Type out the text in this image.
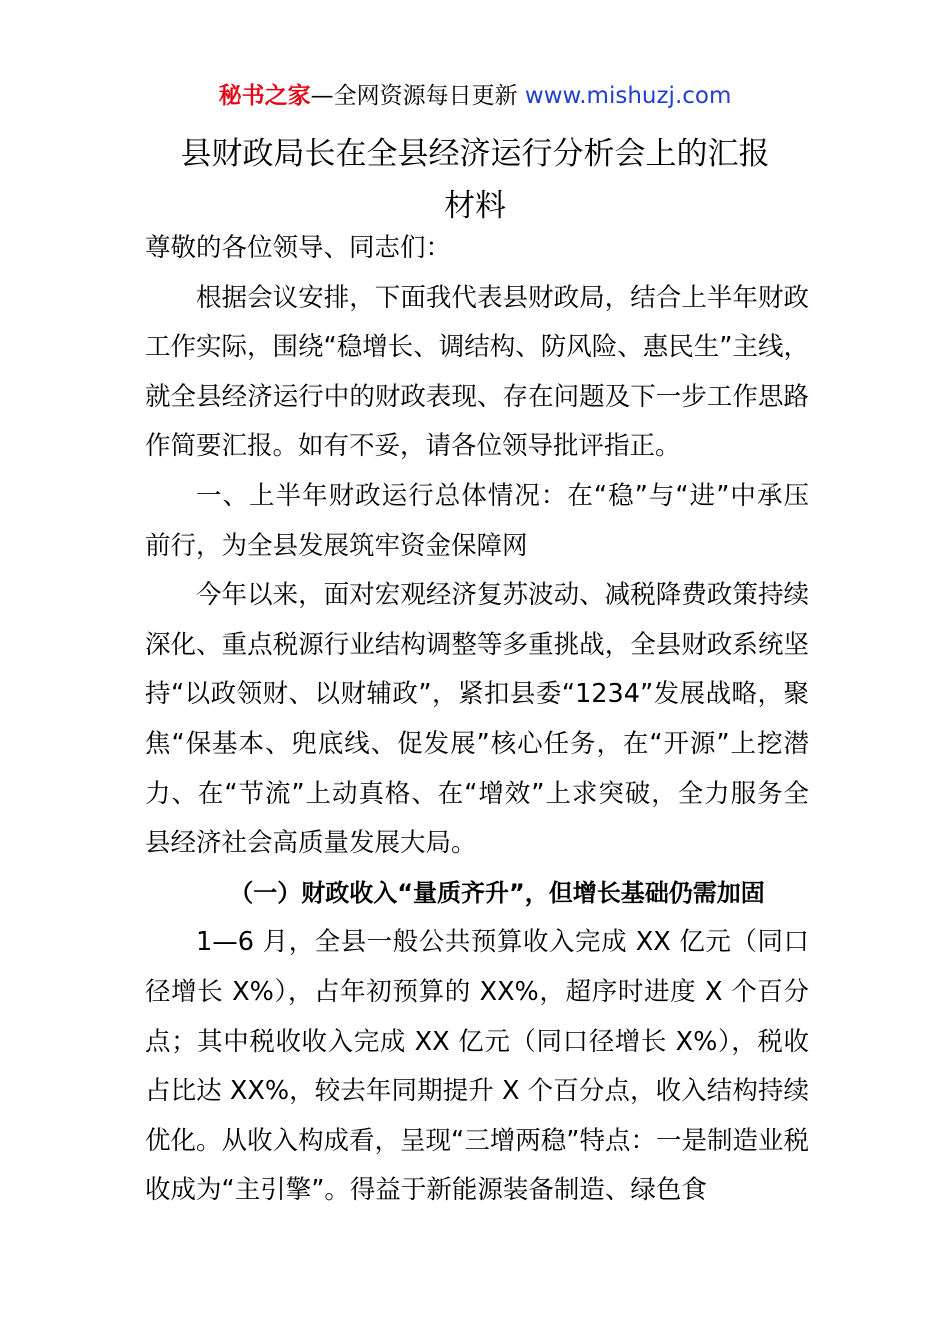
秘书之家—全网资源每日更新 www.mishuzj.com
县财政局长在全县经济运行分析会上的汇报
材料

尊敬的各位领导、同志们：

根据会议安排，下面我代表县财政局，结合上半年财政工作实际，围绕“稳增长、调结构、防风险、惠民生”主线，就全县经济运行中的财政表现、存在问题及下一步工作思路作简要汇报。如有不妥，请各位领导批评指正。

一、上半年财政运行总体情况：在“稳”与“进”中承压前行，为全县发展筑牢资金保障网

今年以来，面对宏观经济复苏波动、减税降费政策持续深化、重点税源行业结构调整等多重挑战，全县财政系统坚持“以政领财、以财辅政”，紧扣县委“1234”发展战略，聚焦“保基本、兜底线、促发展”核心任务，在“开源”上挖潜力、在“节流”上动真格、在“增效”上求突破，全力服务全县经济社会高质量发展大局。

（一）财政收入“量质齐升”，但增长基础仍需加固

1—6 月，全县一般公共预算收入完成 XX 亿元（同口径增长 X%），占年初预算的 XX%，超序时进度 X 个百分点；其中税收收入完成 XX 亿元（同口径增长 X%），税收占比达 XX%，较去年同期提升 X 个百分点，收入结构持续优化。从收入构成看，呈现“三增两稳”特点：一是制造业税收成为“主引擎”。得益于新能源装备制造、绿色食
